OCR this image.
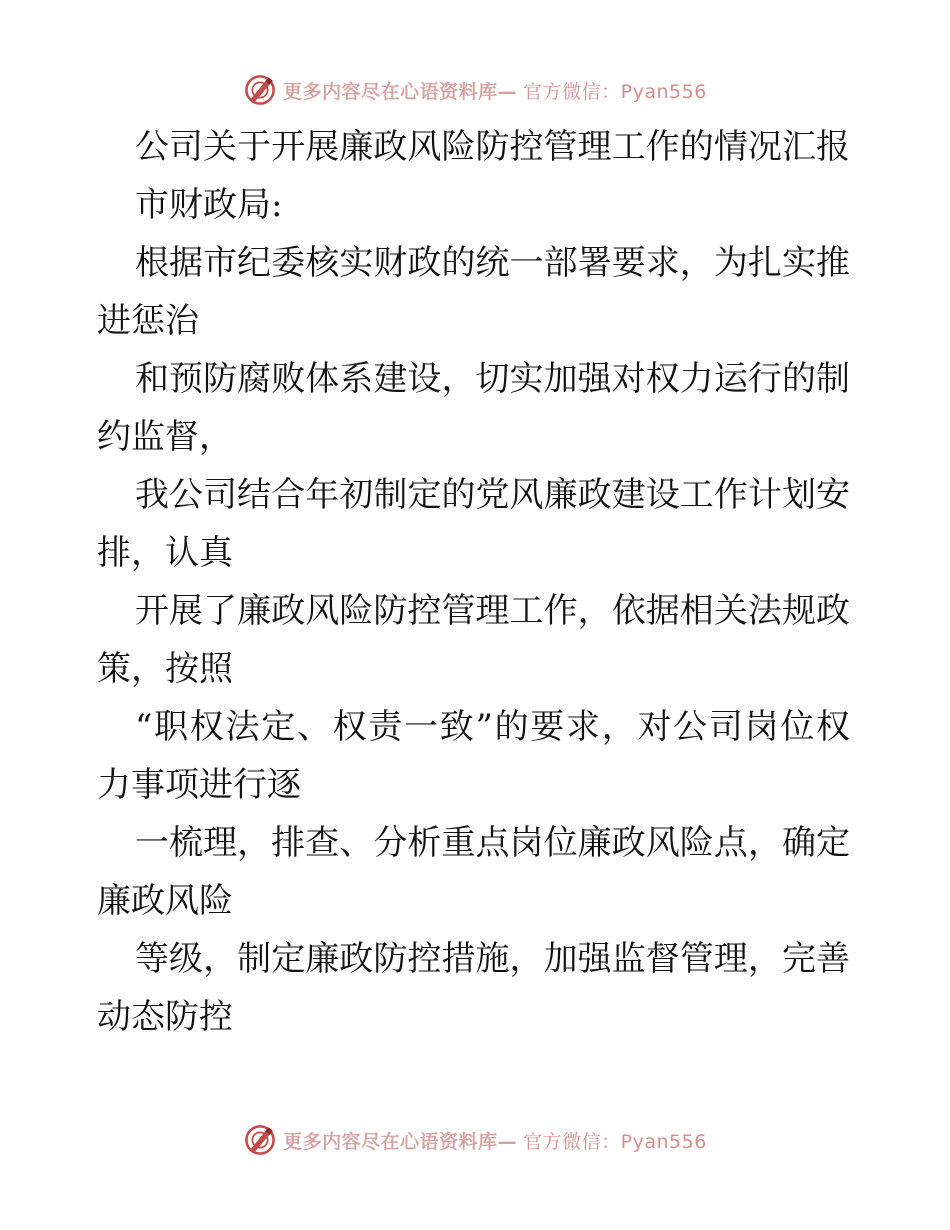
更多内容尽在心语资料库— 官方微信：Pyan556
公司关于开展廉政风险防控管理工作的情况汇报
市财政局:
根据市纪委核实财政的统一部署要求，为扎实推
进惩治
和预防腐败体系建设，切实加强对权力运行的制
约监督，
我公司结合年初制定的党风廉政建设工作计划安
排，认真
开展了廉政风险防控管理工作，依据相关法规政
策，按照
“职权法定、权责一致”的要求，对公司岗位权
力事项进行逐
一梳理，排查、分析重点岗位廉政风险点，确定
廉政风险
等级，制定廉政防控措施，加强监督管理，完善
动态防控
更多内容尽在心语资料库— 官方微信：Pyan556
